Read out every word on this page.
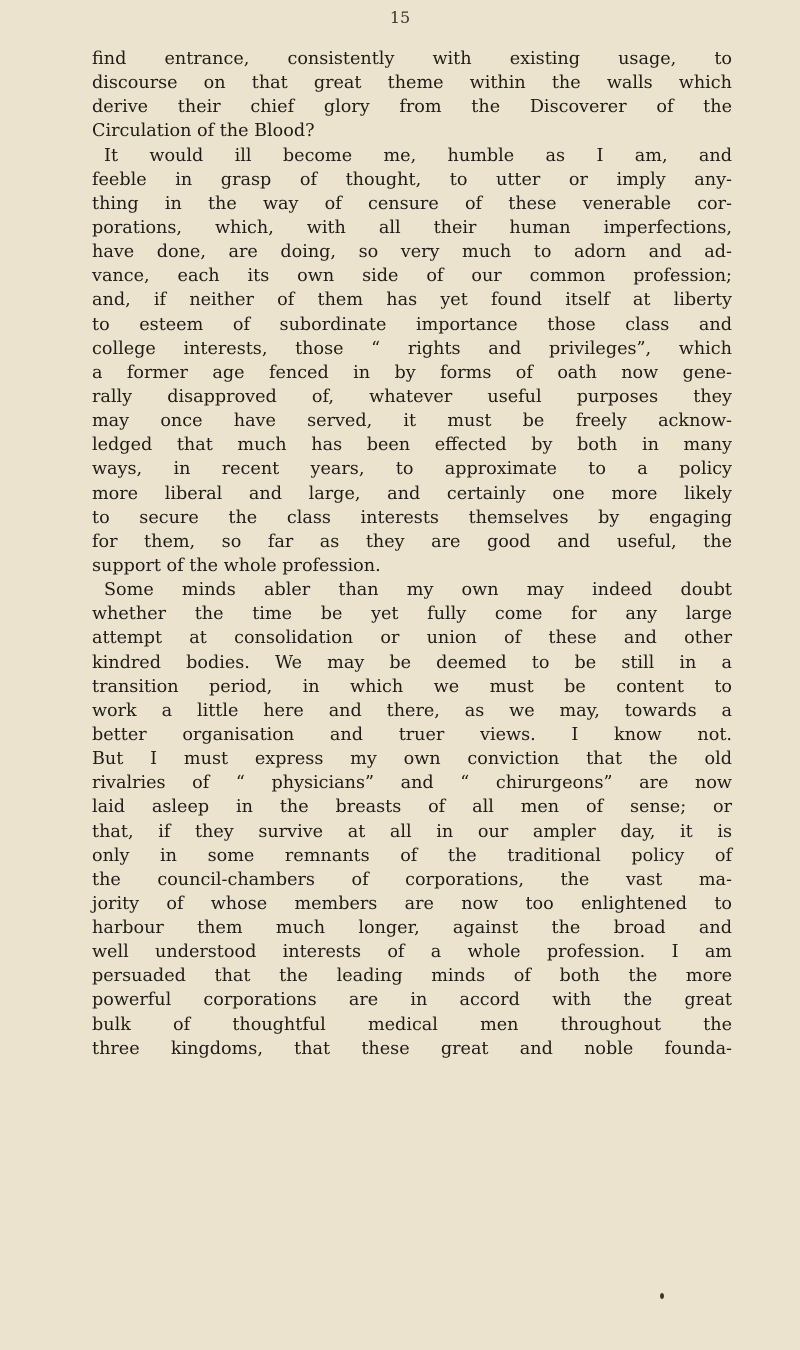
15
find entrance, consistently with existing usage, to
discourse on that great theme within the walls which
derive their chief glory from the Discoverer of the
Circulation of the Blood?
It would ill become me, humble as I am, and
feeble in grasp of thought, to utter or imply any-
thing in the way of censure of these venerable cor-
porations, which, with all their human imperfections,
have done, are doing, so very much to adorn and ad-
vance, each its own side of our common profession;
and, if neither of them has yet found itself at liberty
to esteem of subordinate importance those class and
college interests, those “ rights and privileges”, which
a former age fenced in by forms of oath now gene-
rally disapproved of, whatever useful purposes they
may once have served, it must be freely acknow-
ledged that much has been effected by both in many
ways, in recent years, to approximate to a policy
more liberal and large, and certainly one more likely
to secure the class interests themselves by engaging
for them, so far as they are good and useful, the
support of the whole profession.
Some minds abler than my own may indeed doubt
whether the time be yet fully come for any large
attempt at consolidation or union of these and other
kindred bodies. We may be deemed to be still in a
transition period, in which we must be content to
work a little here and there, as we may, towards a
better organisation and truer views. I know not.
But I must express my own conviction that the old
rivalries of “ physicians” and “ chirurgeons” are now
laid asleep in the breasts of all men of sense; or
that, if they survive at all in our ampler day, it is
only in some remnants of the traditional policy of
the council-chambers of corporations, the vast ma-
jority of whose members are now too enlightened to
harbour them much longer, against the broad and
well understood interests of a whole profession. I am
persuaded that the leading minds of both the more
powerful corporations are in accord with the great
bulk of thoughtful medical men throughout the
three kingdoms, that these great and noble founda-
